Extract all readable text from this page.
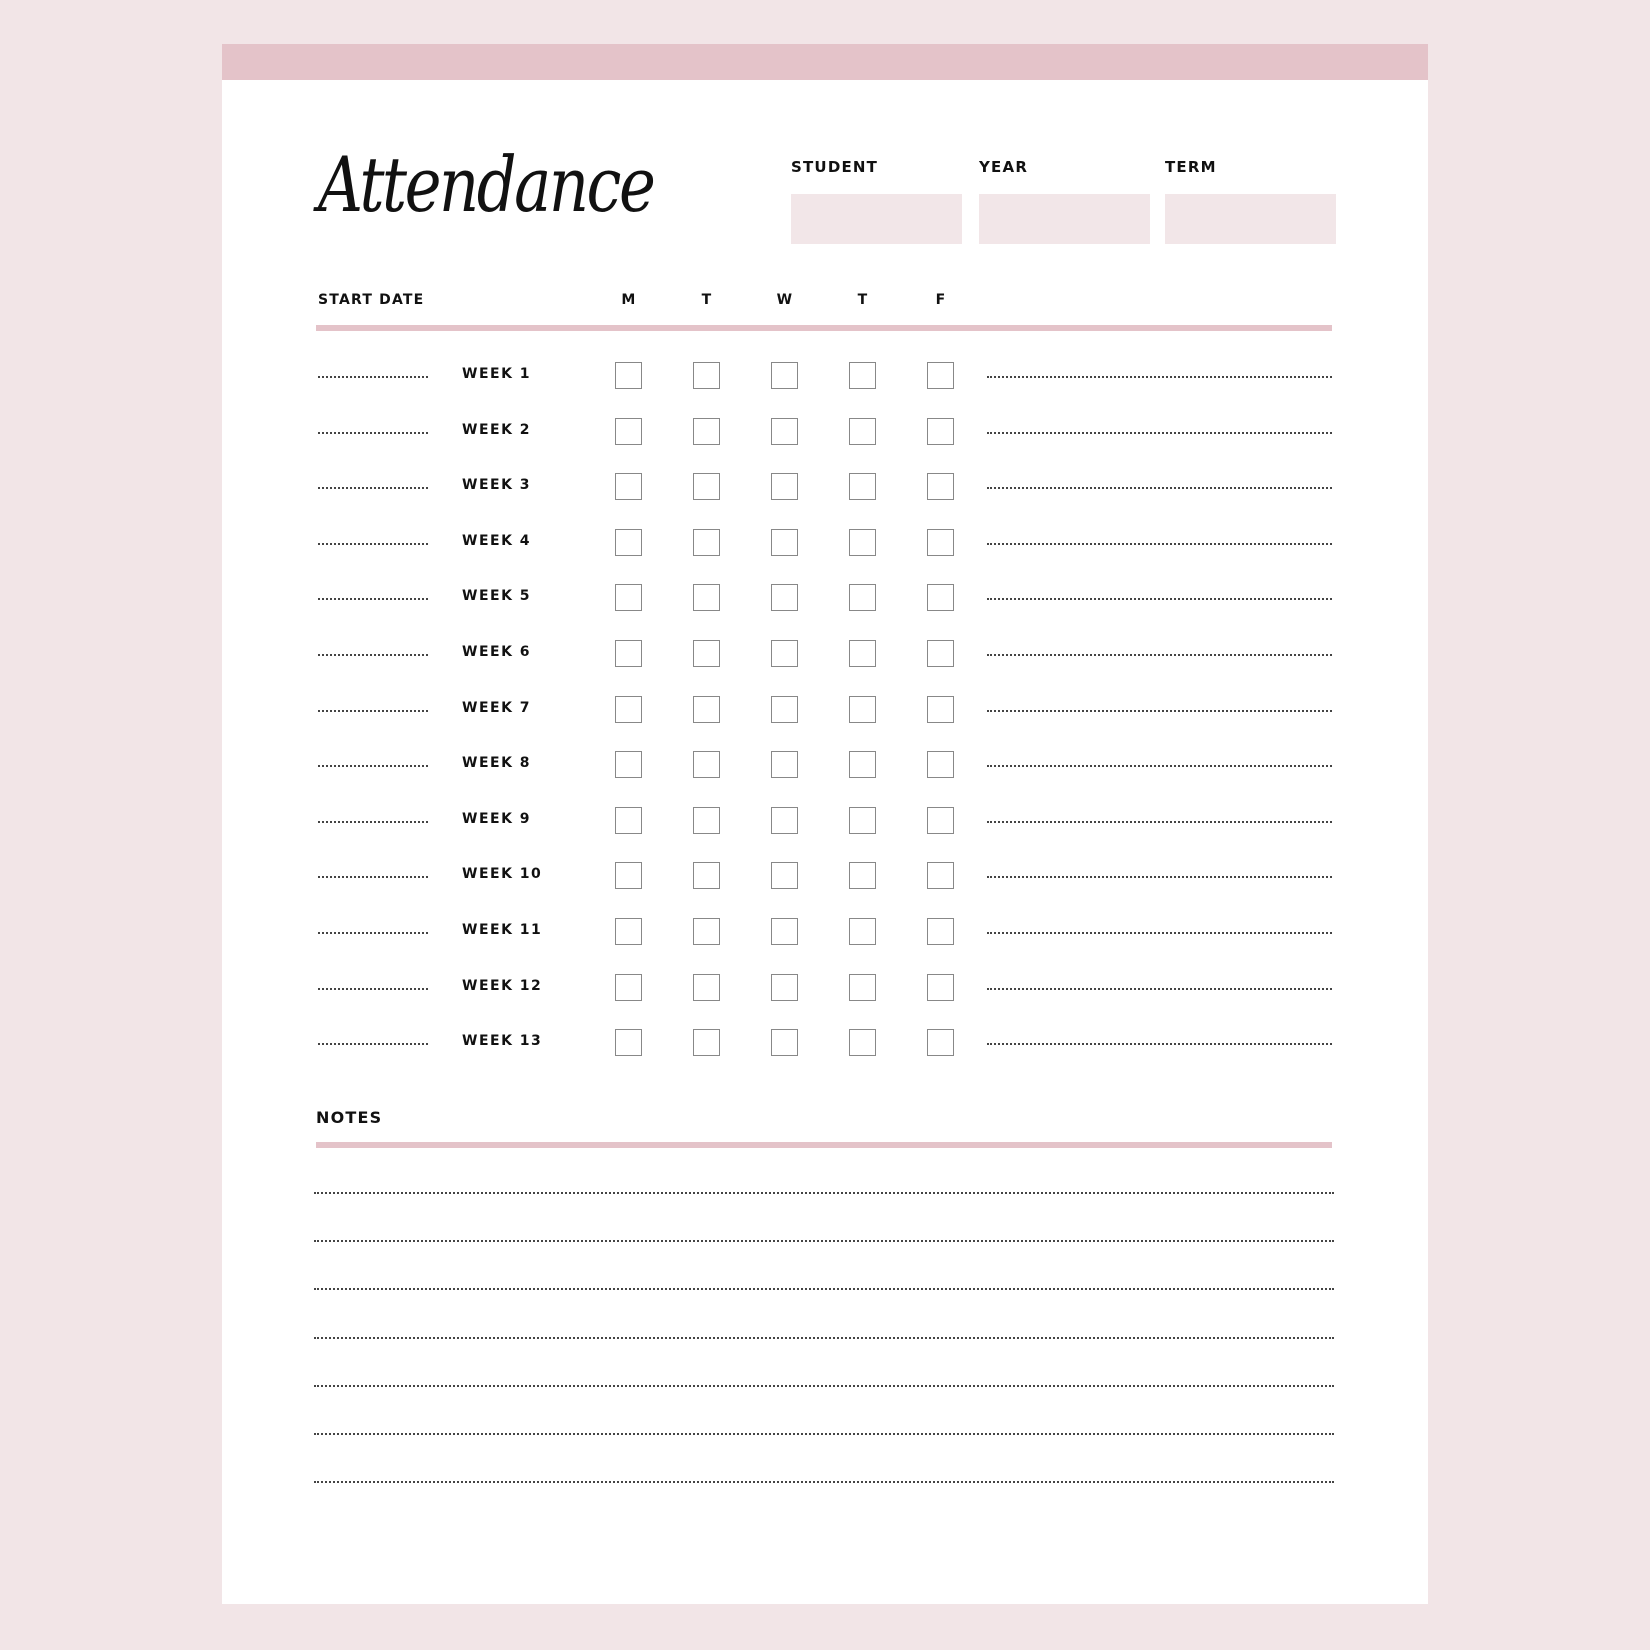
Attendance	STUDENT	YEAR	TERM
START DATE	M	T	W	T	F
WEEK 1
WEEK 2
WEEK 3
WEEK 4
WEEK 5
WEEK 6
WEEK 7
WEEK 8
WEEK 9
WEEK 10
WEEK 11
WEEK 12
WEEK 13
NOTES
